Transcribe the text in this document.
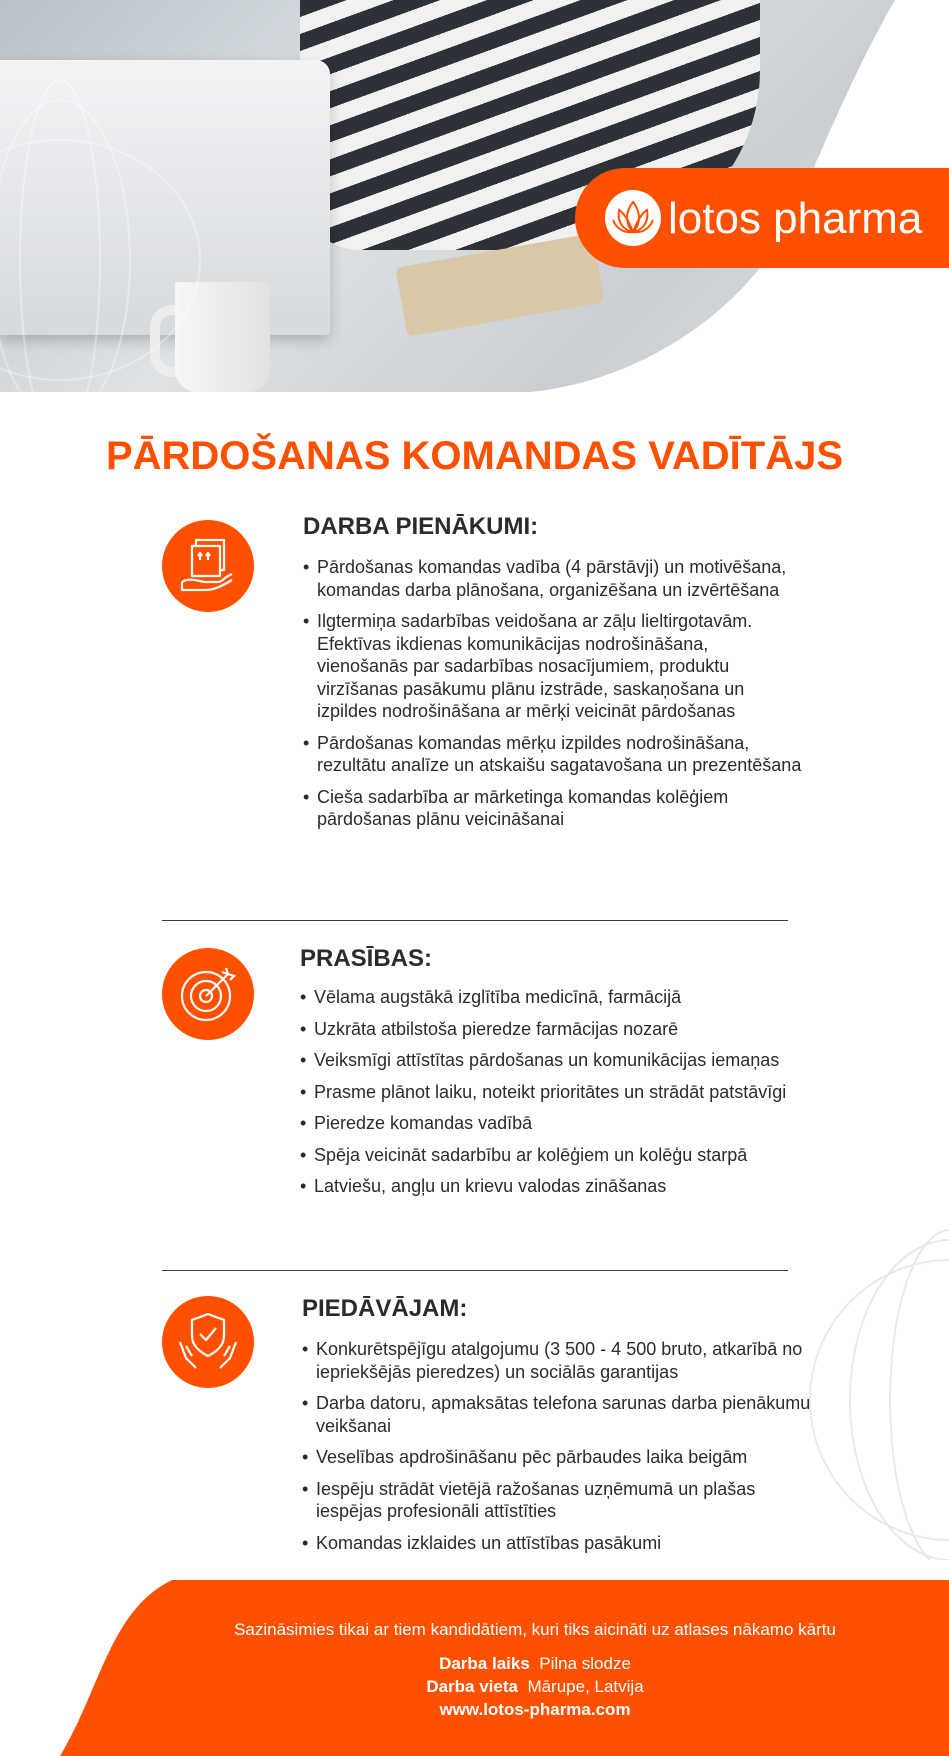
lotos pharma
PĀRDOŠANAS KOMANDAS VADĪTĀJS
DARBA PIENĀKUMI:
• Pārdošanas komandas vadība (4 pārstāvji) un motivēšana, komandas darba plānošana, organizēšana un izvērtēšana
• Ilgtermiņa sadarbības veidošana ar zāļu lieltirgotavām. Efektīvas ikdienas komunikācijas nodrošināšana, vienošanās par sadarbības nosacījumiem, produktu virzīšanas pasākumu plānu izstrāde, saskaņošana un izpildes nodrošināšana ar mērķi veicināt pārdošanas
• Pārdošanas komandas mērķu izpildes nodrošināšana, rezultātu analīze un atskaišu sagatavošana un prezentēšana
• Cieša sadarbība ar mārketinga komandas kolēģiem pārdošanas plānu veicināšanai
PRASĪBAS:
• Vēlama augstākā izglītība medicīnā, farmācijā
• Uzkrāta atbilstoša pieredze farmācijas nozarē
• Veiksmīgi attīstītas pārdošanas un komunikācijas iemaņas
• Prasme plānot laiku, noteikt prioritātes un strādāt patstāvīgi
• Pieredze komandas vadībā
• Spēja veicināt sadarbību ar kolēģiem un kolēģu starpā
• Latviešu, angļu un krievu valodas zināšanas
PIEDĀVĀJAM:
• Konkurētspējīgu atalgojumu (3 500 - 4 500 bruto, atkarībā no iepriekšējās pieredzes) un sociālās garantijas
• Darba datoru, apmaksātas telefona sarunas darba pienākumu veikšanai
• Veselības apdrošināšanu pēc pārbaudes laika beigām
• Iespēju strādāt vietējā ražošanas uzņēmumā un plašas iespējas profesionāli attīstīties
• Komandas izklaides un attīstības pasākumi
Sazināsimies tikai ar tiem kandidātiem, kuri tiks aicināti uz atlases nākamo kārtu
Darba laiks Pilna slodze
Darba vieta Mārupe, Latvija
www.lotos-pharma.com
